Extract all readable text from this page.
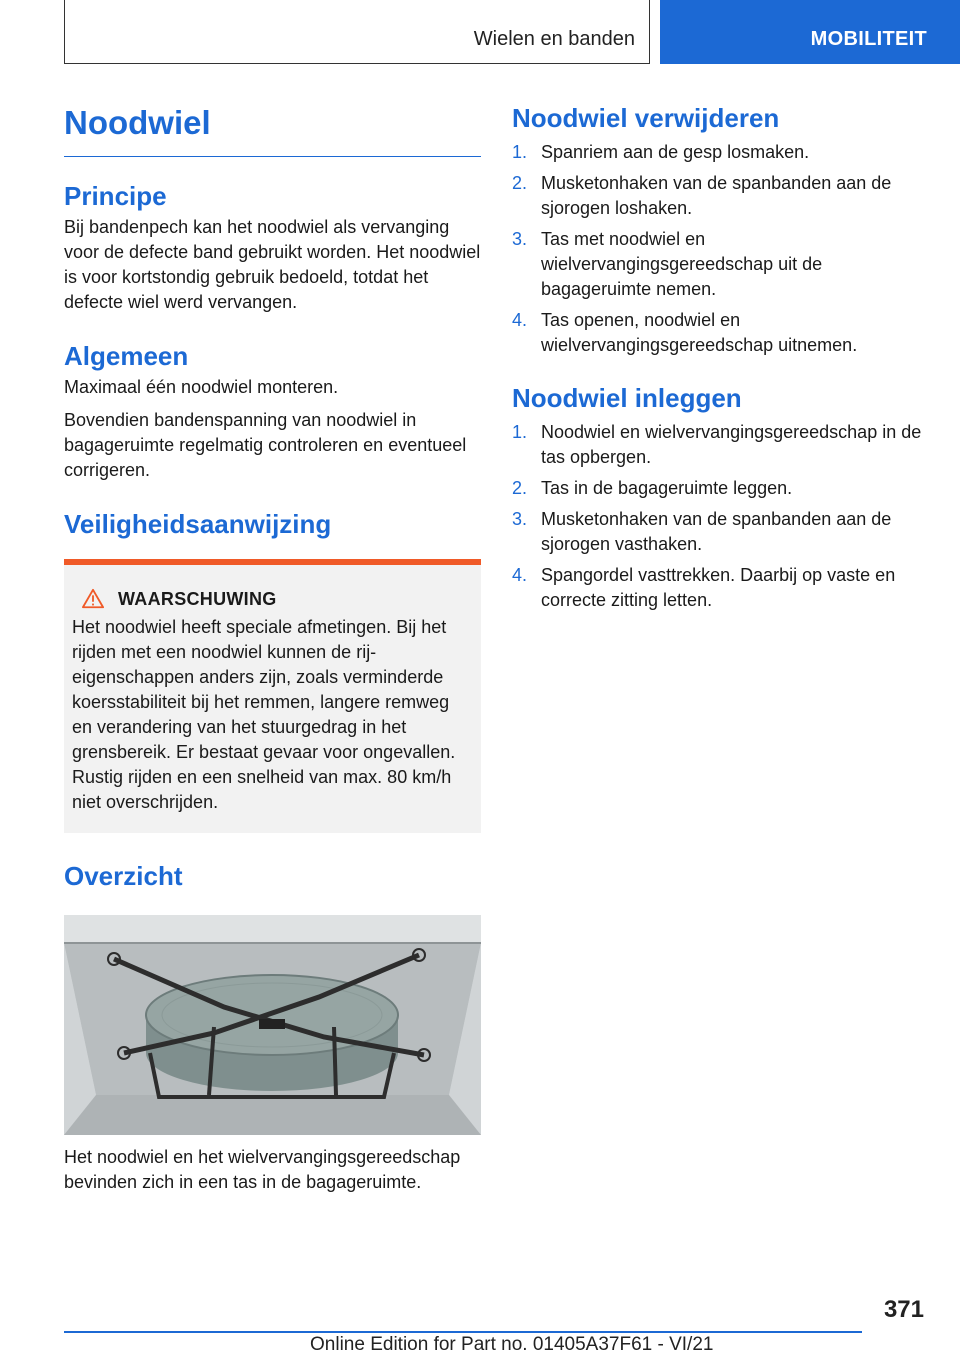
Wielen en banden	MOBILITEIT
Noodwiel
Principe

Bij bandenpech kan het noodwiel als vervanging voor de defecte band gebruikt worden. Het noodwiel is voor kortstondig gebruik bedoeld, totdat het defecte wiel werd vervangen.

Algemeen

Maximaal één noodwiel monteren.

Bovendien bandenspanning van noodwiel in bagageruimte regelmatig controleren en eventueel corrigeren.

Veiligheidsaanwijzing
WAARSCHUWING

Het noodwiel heeft speciale afmetingen. Bij het rijden met een noodwiel kunnen de rij-eigenschappen anders zijn, zoals verminderde koersstabiliteit bij het remmen, langere remweg en verandering van het stuurgedrag in het grensbereik. Er bestaat gevaar voor ongevallen. Rustig rijden en een snelheid van max. 80 km/h niet overschrijden.

Overzicht

Het noodwiel en het wielvervangingsgereedschap bevinden zich in een tas in de bagageruimte.

Noodwiel verwijderen
1. Spanriem aan de gesp losmaken.
2. Musketonhaken van de spanbanden aan de sjorogen loshaken.
3. Tas met noodwiel en wielvervangingsgereedschap uit de bagageruimte nemen.
4. Tas openen, noodwiel en wielvervangingsgereedschap uitnemen.
Noodwiel inleggen
1. Noodwiel en wielvervangingsgereedschap in de tas opbergen.
2. Tas in de bagageruimte leggen.
3. Musketonhaken van de spanbanden aan de sjorogen vasthaken.
4. Spangordel vasttrekken. Daarbij op vaste en correcte zitting letten.
371
Online Edition for Part no. 01405A37F61 - VI/21
